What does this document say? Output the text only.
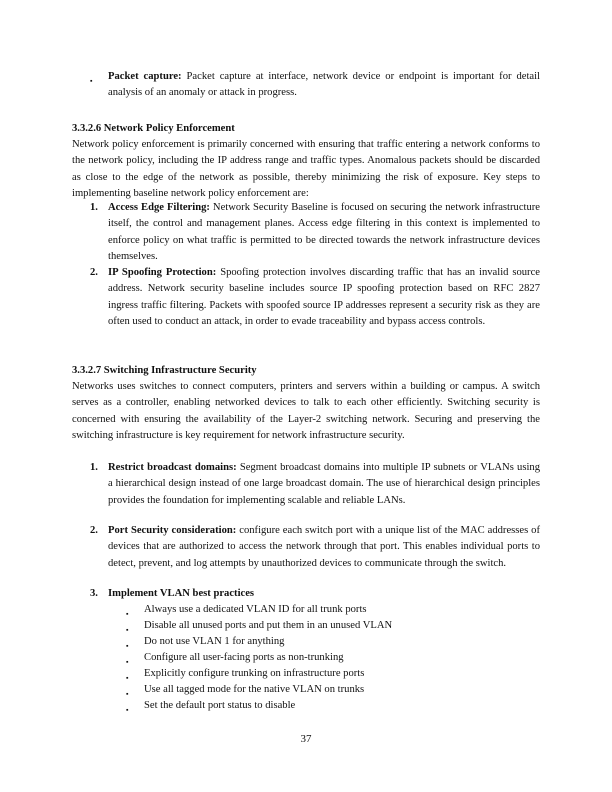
▪ Packet capture: Packet capture at interface, network device or endpoint is important for detail analysis of an anomaly or attack in progress.

3.3.2.6 Network Policy Enforcement

Network policy enforcement is primarily concerned with ensuring that traffic entering a network conforms to the network policy, including the IP address range and traffic types. Anomalous packets should be discarded as close to the edge of the network as possible, thereby minimizing the risk of exposure. Key steps to implementing baseline network policy enforcement are:

1. Access Edge Filtering: Network Security Baseline is focused on securing the network infrastructure itself, the control and management planes. Access edge filtering in this context is implemented to enforce policy on what traffic is permitted to be directed towards the network infrastructure devices themselves.

2. IP Spoofing Protection: Spoofing protection involves discarding traffic that has an invalid source address. Network security baseline includes source IP spoofing protection based on RFC 2827 ingress traffic filtering. Packets with spoofed source IP addresses represent a security risk as they are often used to conduct an attack, in order to evade traceability and bypass access controls.

3.3.2.7 Switching Infrastructure Security

Networks uses switches to connect computers, printers and servers within a building or campus. A switch serves as a controller, enabling networked devices to talk to each other efficiently. Switching security is concerned with ensuring the availability of the Layer-2 switching network. Securing and preserving the switching infrastructure is key requirement for network infrastructure security.

1. Restrict broadcast domains: Segment broadcast domains into multiple IP subnets or VLANs using a hierarchical design instead of one large broadcast domain. The use of hierarchical design principles provides the foundation for implementing scalable and reliable LANs.

2. Port Security consideration: configure each switch port with a unique list of the MAC addresses of devices that are authorized to access the network through that port. This enables individual ports to detect, prevent, and log attempts by unauthorized devices to communicate through the switch.

3. Implement VLAN best practices

▪ Always use a dedicated VLAN ID for all trunk ports
▪ Disable all unused ports and put them in an unused VLAN
▪ Do not use VLAN 1 for anything
▪ Configure all user-facing ports as non-trunking
▪ Explicitly configure trunking on infrastructure ports
▪ Use all tagged mode for the native VLAN on trunks
▪ Set the default port status to disable
37
